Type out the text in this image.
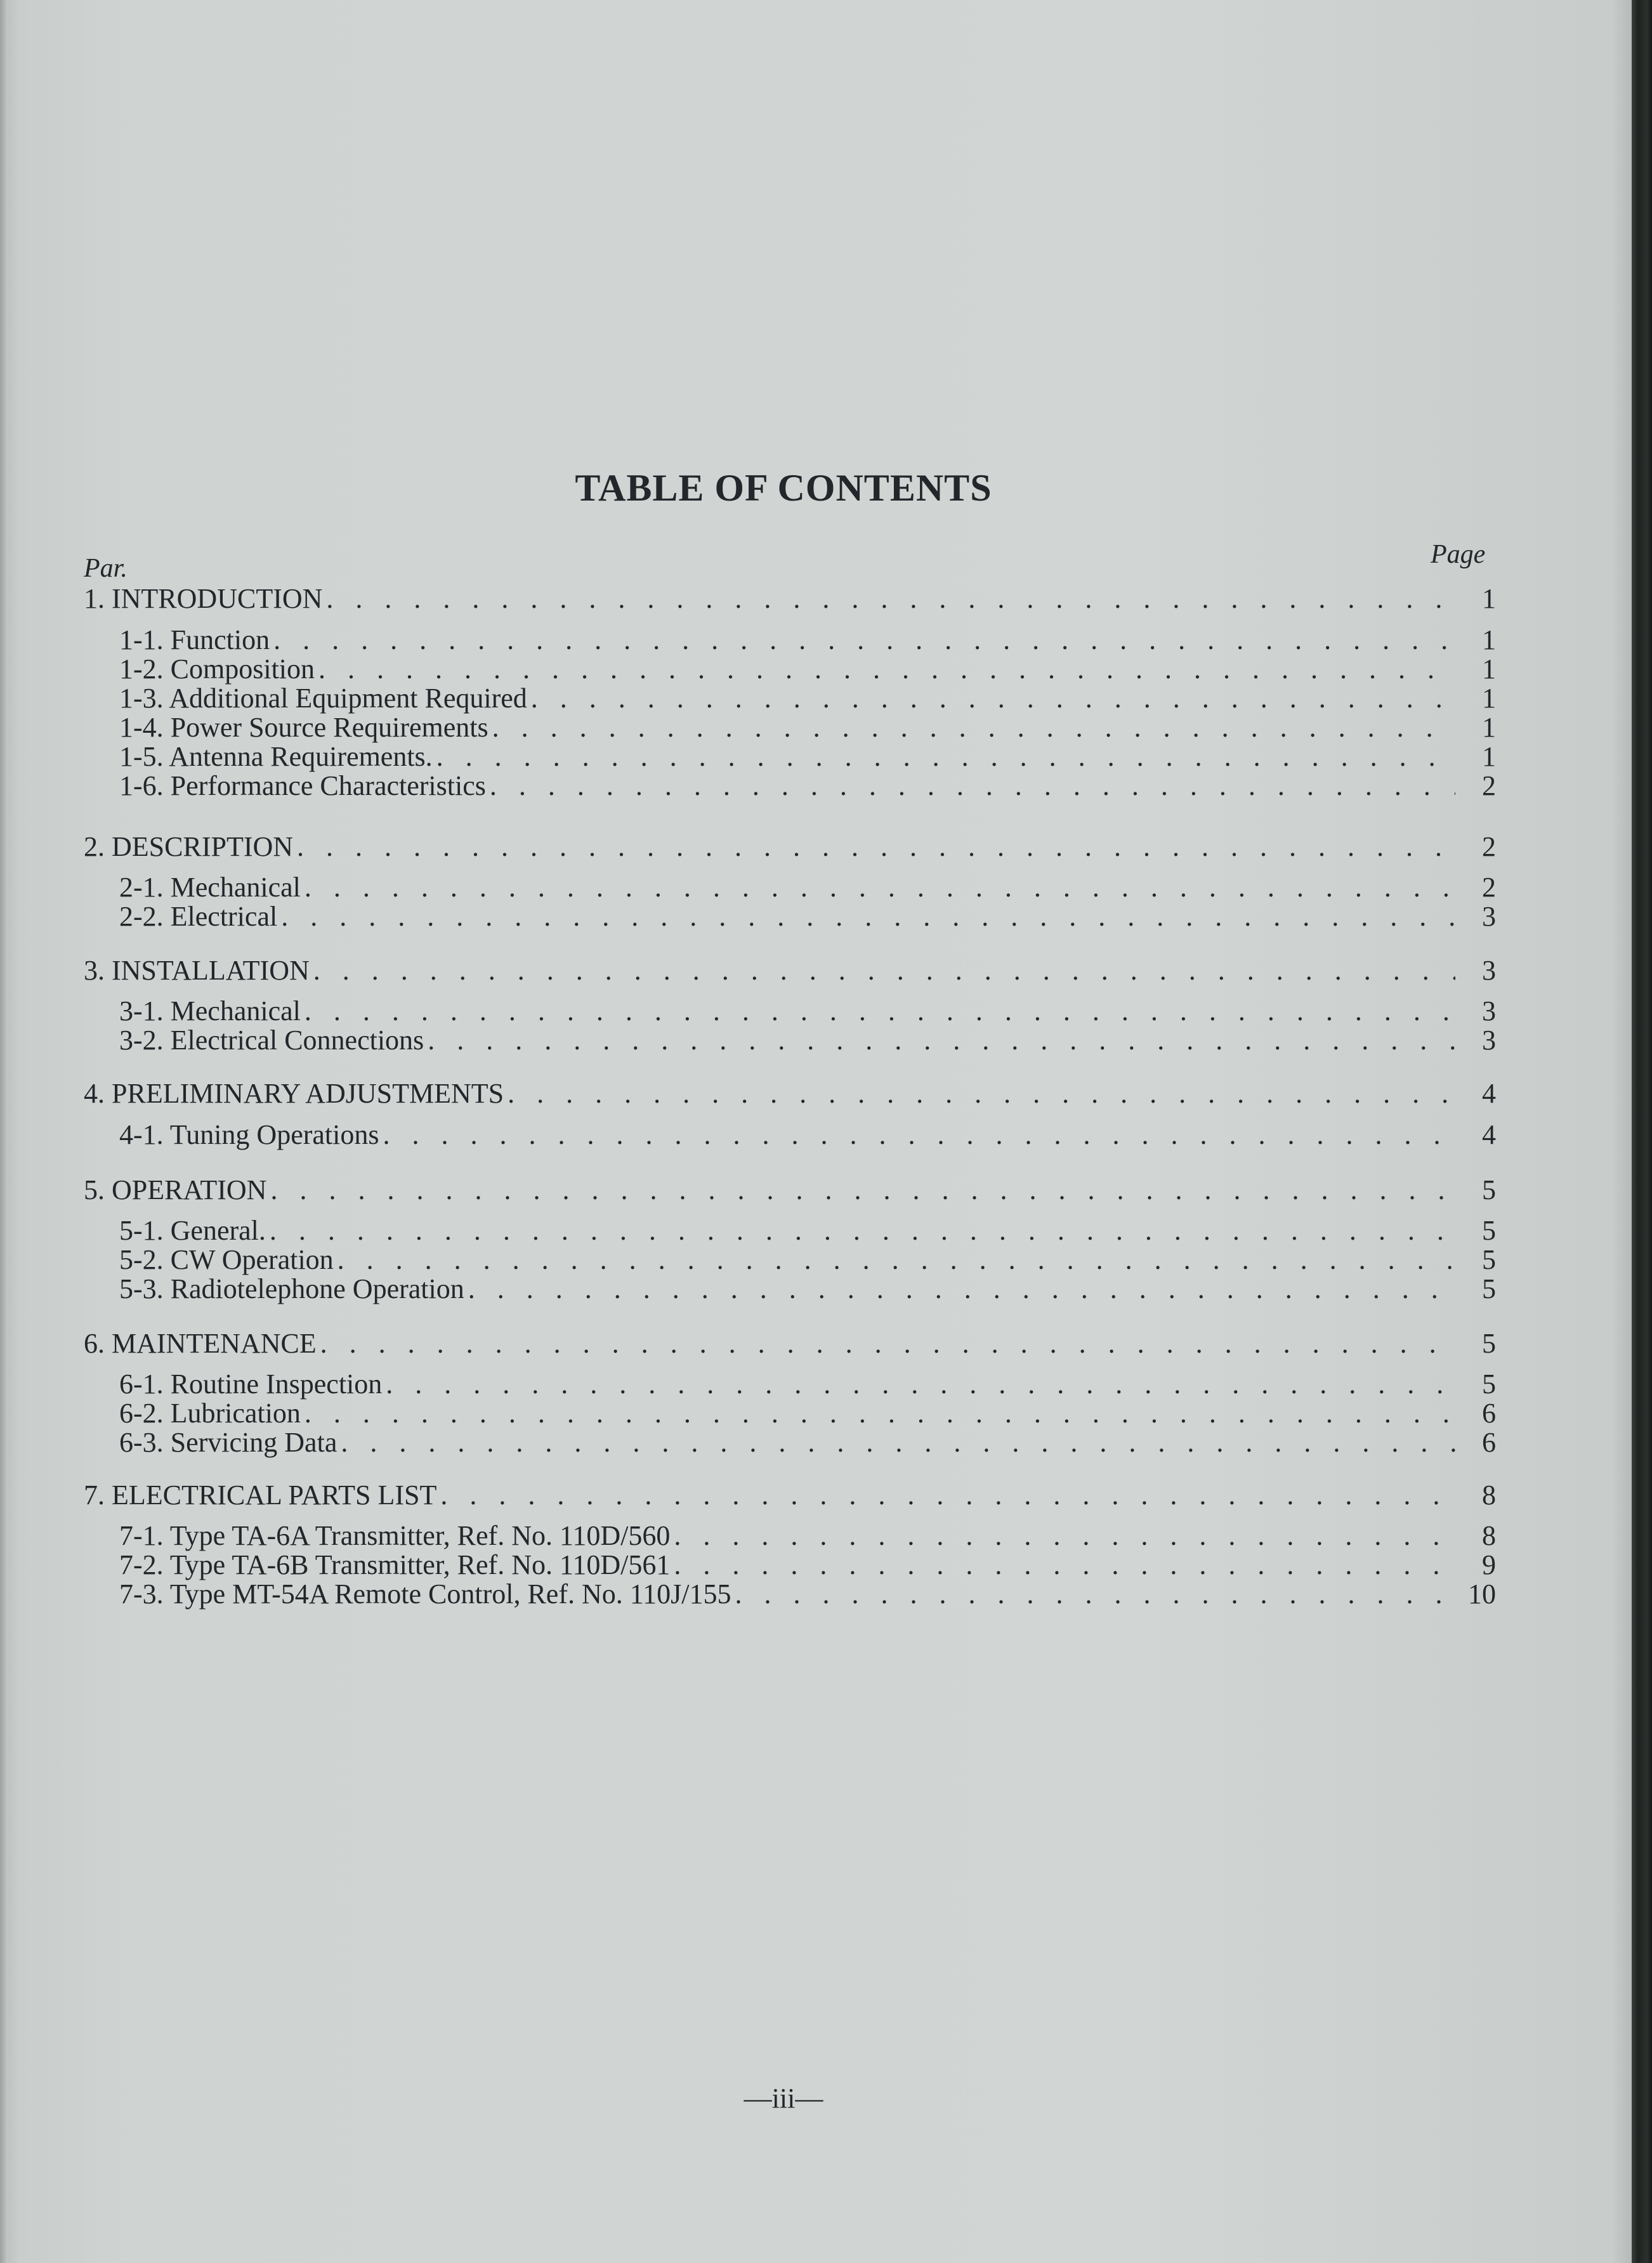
TABLE OF CONTENTS
Par.	Page
1. INTRODUCTION . . .	1
1-1. Function . . .	1
1-2. Composition . . .	1
1-3. Additional Equipment Required . . .	1
1-4. Power Source Requirements . . .	1
1-5. Antenna Requirements. . . .	1
1-6. Performance Characteristics . . .	2
2. DESCRIPTION . . .	2
2-1. Mechanical . . .	2
2-2. Electrical . . .	3
3. INSTALLATION . . .	3
3-1. Mechanical . . .	3
3-2. Electrical Connections . . .	3
4. PRELIMINARY ADJUSTMENTS . . .	4
4-1. Tuning Operations . . .	4
5. OPERATION . . .	5
5-1. General. . . .	5
5-2. CW Operation . . .	5
5-3. Radiotelephone Operation . . .	5
6. MAINTENANCE . . .	5
6-1. Routine Inspection . . .	5
6-2. Lubrication . . .	6
6-3. Servicing Data . . .	6
7. ELECTRICAL PARTS LIST . . .	8
7-1. Type TA-6A Transmitter, Ref. No. 110D/560 . . .	8
7-2. Type TA-6B Transmitter, Ref. No. 110D/561 . . .	9
7-3. Type MT-54A Remote Control, Ref. No. 110J/155 . . .	10
—iii—
